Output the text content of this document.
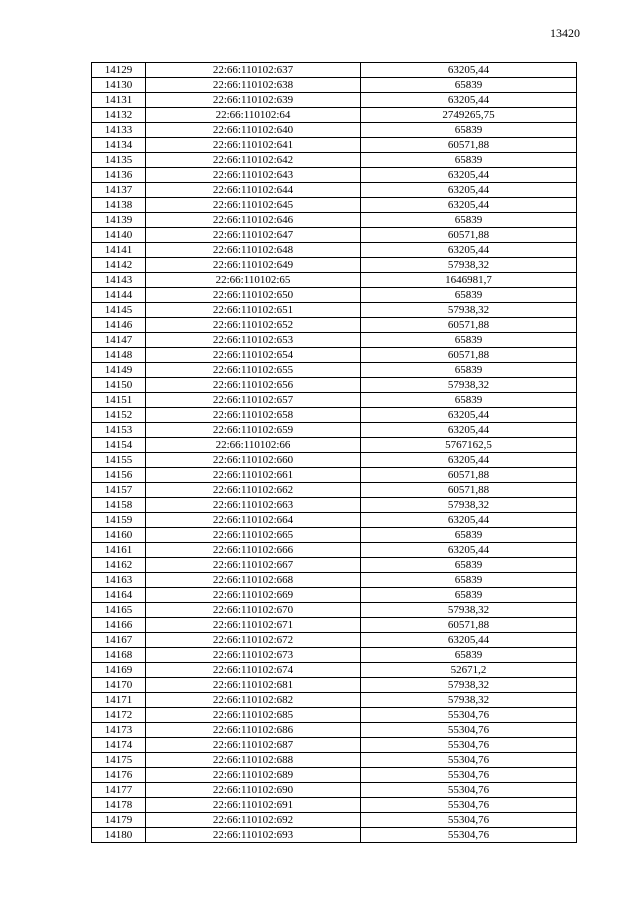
13420
14129	22:66:110102:637	63205,44
14130	22:66:110102:638	65839
14131	22:66:110102:639	63205,44
14132	22:66:110102:64	2749265,75
14133	22:66:110102:640	65839
14134	22:66:110102:641	60571,88
14135	22:66:110102:642	65839
14136	22:66:110102:643	63205,44
14137	22:66:110102:644	63205,44
14138	22:66:110102:645	63205,44
14139	22:66:110102:646	65839
14140	22:66:110102:647	60571,88
14141	22:66:110102:648	63205,44
14142	22:66:110102:649	57938,32
14143	22:66:110102:65	1646981,7
14144	22:66:110102:650	65839
14145	22:66:110102:651	57938,32
14146	22:66:110102:652	60571,88
14147	22:66:110102:653	65839
14148	22:66:110102:654	60571,88
14149	22:66:110102:655	65839
14150	22:66:110102:656	57938,32
14151	22:66:110102:657	65839
14152	22:66:110102:658	63205,44
14153	22:66:110102:659	63205,44
14154	22:66:110102:66	5767162,5
14155	22:66:110102:660	63205,44
14156	22:66:110102:661	60571,88
14157	22:66:110102:662	60571,88
14158	22:66:110102:663	57938,32
14159	22:66:110102:664	63205,44
14160	22:66:110102:665	65839
14161	22:66:110102:666	63205,44
14162	22:66:110102:667	65839
14163	22:66:110102:668	65839
14164	22:66:110102:669	65839
14165	22:66:110102:670	57938,32
14166	22:66:110102:671	60571,88
14167	22:66:110102:672	63205,44
14168	22:66:110102:673	65839
14169	22:66:110102:674	52671,2
14170	22:66:110102:681	57938,32
14171	22:66:110102:682	57938,32
14172	22:66:110102:685	55304,76
14173	22:66:110102:686	55304,76
14174	22:66:110102:687	55304,76
14175	22:66:110102:688	55304,76
14176	22:66:110102:689	55304,76
14177	22:66:110102:690	55304,76
14178	22:66:110102:691	55304,76
14179	22:66:110102:692	55304,76
14180	22:66:110102:693	55304,76
